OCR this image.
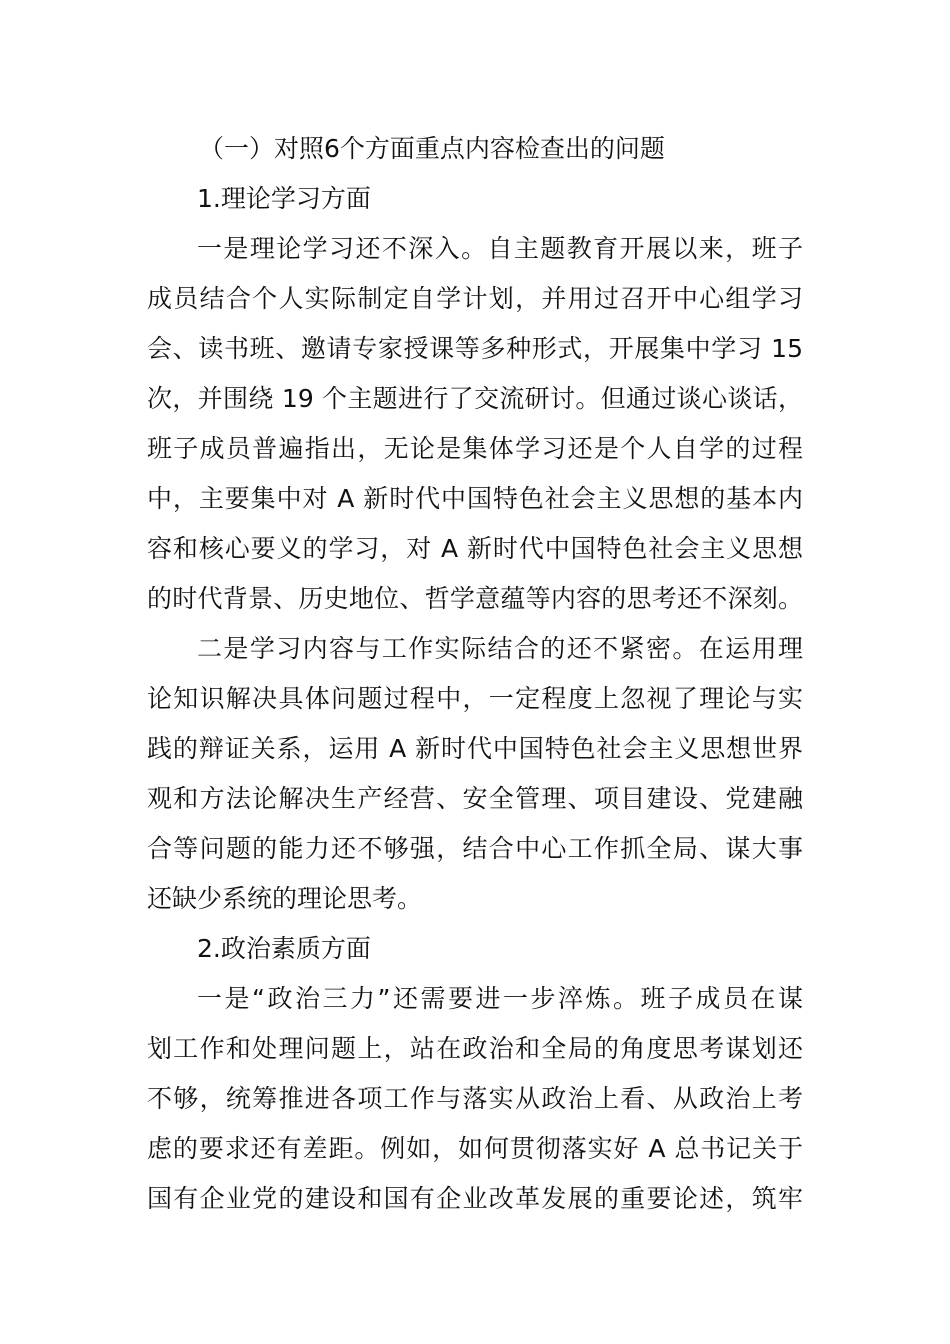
（一）对照6个方面重点内容检查出的问题
1.理论学习方面
一是理论学习还不深入。自主题教育开展以来，班子
成员结合个人实际制定自学计划，并用过召开中心组学习
会、读书班、邀请专家授课等多种形式，开展集中学习 15
次，并围绕 19 个主题进行了交流研讨。但通过谈心谈话，
班子成员普遍指出，无论是集体学习还是个人自学的过程
中，主要集中对 A 新时代中国特色社会主义思想的基本内
容和核心要义的学习，对 A 新时代中国特色社会主义思想
的时代背景、历史地位、哲学意蕴等内容的思考还不深刻。
二是学习内容与工作实际结合的还不紧密。在运用理
论知识解决具体问题过程中，一定程度上忽视了理论与实
践的辩证关系，运用 A 新时代中国特色社会主义思想世界
观和方法论解决生产经营、安全管理、项目建设、党建融
合等问题的能力还不够强，结合中心工作抓全局、谋大事
还缺少系统的理论思考。
2.政治素质方面
一是“政治三力”还需要进一步淬炼。班子成员在谋
划工作和处理问题上，站在政治和全局的角度思考谋划还
不够，统筹推进各项工作与落实从政治上看、从政治上考
虑的要求还有差距。例如，如何贯彻落实好 A 总书记关于
国有企业党的建设和国有企业改革发展的重要论述，筑牢
